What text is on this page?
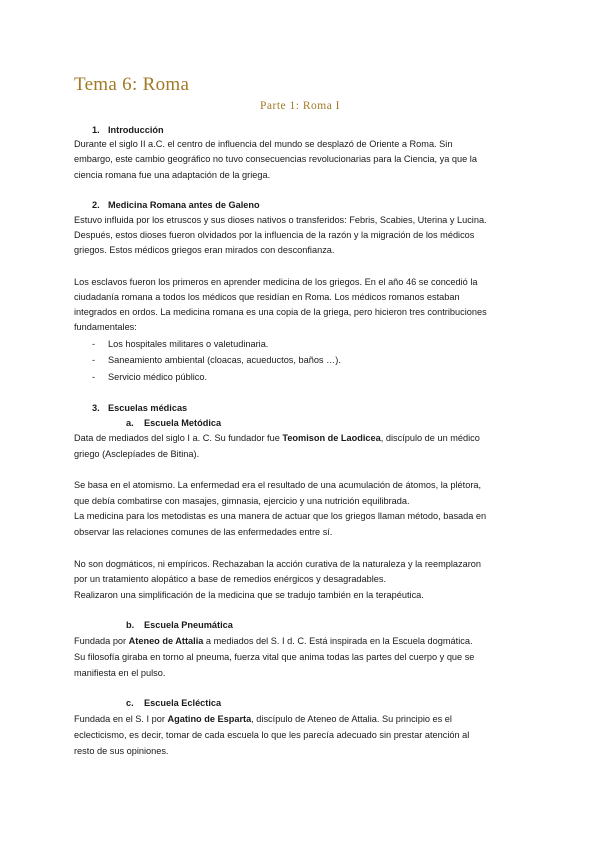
Tema 6: Roma
Parte 1: Roma I
1. Introducción
Durante el siglo II a.C. el centro de influencia del mundo se desplazó de Oriente a Roma. Sin
embargo, este cambio geográfico no tuvo consecuencias revolucionarias para la Ciencia, ya que la
ciencia romana fue una adaptación de la griega.
2. Medicina Romana antes de Galeno
Estuvo influida por los etruscos y sus dioses nativos o transferidos: Febris, Scabies, Uterina y Lucina.
Después, estos dioses fueron olvidados por la influencia de la razón y la migración de los médicos
griegos. Estos médicos griegos eran mirados con desconfianza.
Los esclavos fueron los primeros en aprender medicina de los griegos. En el año 46 se concedió la
ciudadanía romana a todos los médicos que residían en Roma. Los médicos romanos estaban
integrados en ordos. La medicina romana es una copia de la griega, pero hicieron tres contribuciones
fundamentales:
- Los hospitales militares o valetudinaria.
- Saneamiento ambiental (cloacas, acueductos, baños …).
- Servicio médico público.
3. Escuelas médicas
a. Escuela Metódica
Data de mediados del siglo I a. C. Su fundador fue Teomison de Laodicea, discípulo de un médico
griego (Asclepíades de Bitina).
Se basa en el atomismo. La enfermedad era el resultado de una acumulación de átomos, la plétora,
que debía combatirse con masajes, gimnasia, ejercicio y una nutrición equilibrada.
La medicina para los metodistas es una manera de actuar que los griegos llaman método, basada en
observar las relaciones comunes de las enfermedades entre sí.
No son dogmáticos, ni empíricos. Rechazaban la acción curativa de la naturaleza y la reemplazaron
por un tratamiento alopático a base de remedios enérgicos y desagradables.
Realizaron una simplificación de la medicina que se tradujo también en la terapéutica.
b. Escuela Pneumática
Fundada por Ateneo de Attalia a mediados del S. I d. C. Está inspirada en la Escuela dogmática.
Su filosofía giraba en torno al pneuma, fuerza vital que anima todas las partes del cuerpo y que se
manifiesta en el pulso.
c. Escuela Ecléctica
Fundada en el S. I por Agatino de Esparta, discípulo de Ateneo de Attalia. Su principio es el
eclecticismo, es decir, tomar de cada escuela lo que les parecía adecuado sin prestar atención al
resto de sus opiniones.
